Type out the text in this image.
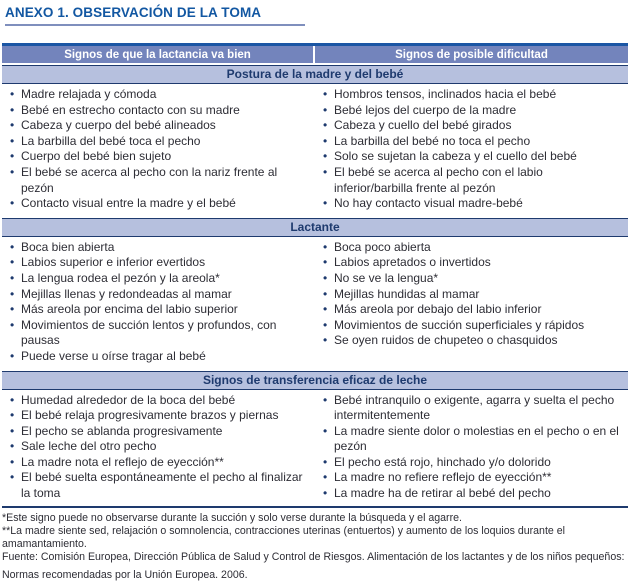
ANEXO 1. OBSERVACIÓN DE LA TOMA
Signos de que la lactancia va bien	Signos de posible dificultad
Postura de la madre y del bebé
• Madre relajada y cómoda
• Bebé en estrecho contacto con su madre
• Cabeza y cuerpo del bebé alineados
• La barbilla del bebé toca el pecho
• Cuerpo del bebé bien sujeto
• El bebé se acerca al pecho con la nariz frente al pezón
• Contacto visual entre la madre y el bebé
• Hombros tensos, inclinados hacia el bebé
• Bebé lejos del cuerpo de la madre
• Cabeza y cuello del bebé girados
• La barbilla del bebé no toca el pecho
• Solo se sujetan la cabeza y el cuello del bebé
• El bebé se acerca al pecho con el labio inferior/barbilla frente al pezón
• No hay contacto visual madre-bebé
Lactante
• Boca bien abierta
• Labios superior e inferior evertidos
• La lengua rodea el pezón y la areola*
• Mejillas llenas y redondeadas al mamar
• Más areola por encima del labio superior
• Movimientos de succión lentos y profundos, con pausas
• Puede verse u oírse tragar al bebé
• Boca poco abierta
• Labios apretados o invertidos
• No se ve la lengua*
• Mejillas hundidas al mamar
• Más areola por debajo del labio inferior
• Movimientos de succión superficiales y rápidos
• Se oyen ruidos de chupeteo o chasquidos
Signos de transferencia eficaz de leche
• Humedad alrededor de la boca del bebé
• El bebé relaja progresivamente brazos y piernas
• El pecho se ablanda progresivamente
• Sale leche del otro pecho
• La madre nota el reflejo de eyección**
• El bebé suelta espontáneamente el pecho al finalizar la toma
• Bebé intranquilo o exigente, agarra y suelta el pecho intermitentemente
• La madre siente dolor o molestias en el pecho o en el pezón
• El pecho está rojo, hinchado y/o dolorido
• La madre no refiere reflejo de eyección**
• La madre ha de retirar al bebé del pecho
*Este signo puede no observarse durante la succión y solo verse durante la búsqueda y el agarre.
**La madre siente sed, relajación o somnolencia, contracciones uterinas (entuertos) y aumento de los loquios durante el amamantamiento.
Fuente: Comisión Europea, Dirección Pública de Salud y Control de Riesgos. Alimentación de los lactantes y de los niños pequeños:
Normas recomendadas por la Unión Europea. 2006.
